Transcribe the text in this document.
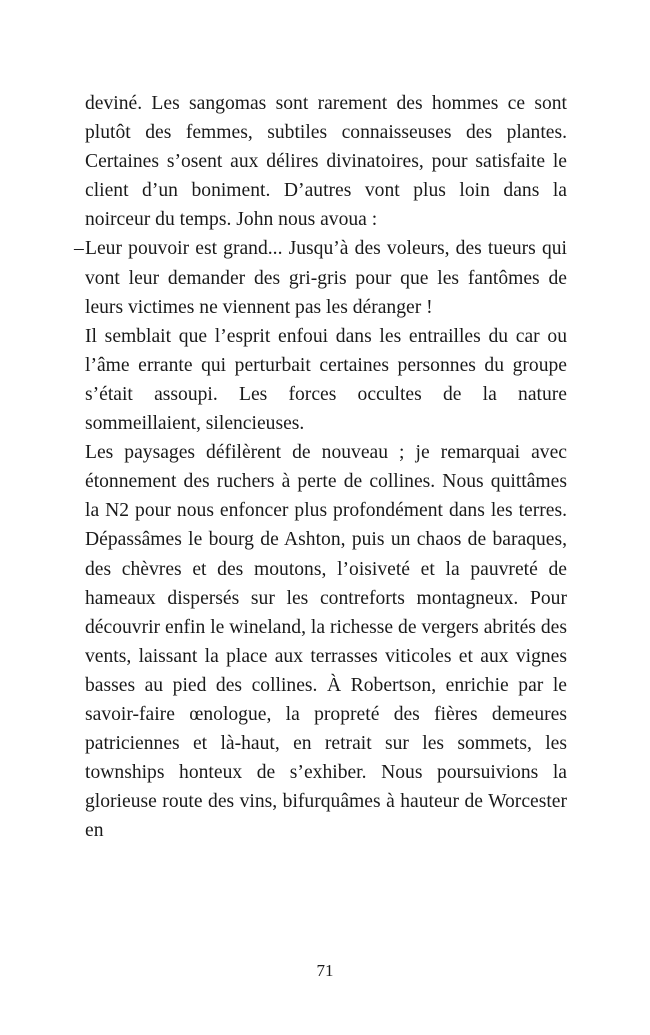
deviné. Les sangomas sont rarement des hommes ce sont plutôt des femmes, subtiles connaisseuses des plantes. Certaines s’osent aux délires divinatoires, pour satisfaite le client d’un boniment. D’autres vont plus loin dans la noirceur du temps. John nous avoua :

– Leur pouvoir est grand... Jusqu’à des voleurs, des tueurs qui vont leur demander des gri-gris pour que les fantômes de leurs victimes ne viennent pas les déranger !

Il semblait que l’esprit enfoui dans les entrailles du car ou l’âme errante qui perturbait certaines personnes du groupe s’était assoupi. Les forces occultes de la nature sommeillaient, silencieuses.

Les paysages défilèrent de nouveau ; je remarquai avec étonnement des ruchers à perte de collines. Nous quittâmes la N2 pour nous enfoncer plus profondément dans les terres. Dépassâmes le bourg de Ashton, puis un chaos de baraques, des chèvres et des moutons, l’oisiveté et la pauvreté de hameaux dispersés sur les contreforts montagneux. Pour découvrir enfin le wineland, la richesse de vergers abrités des vents, laissant la place aux terrasses viticoles et aux vignes basses au pied des collines. À Robertson, enrichie par le savoir-faire œnologue, la propreté des fières demeures patriciennes et là-haut, en retrait sur les sommets, les townships honteux de s’exhiber. Nous poursuivions la glorieuse route des vins, bifurquâmes à hauteur de Worcester en

71
